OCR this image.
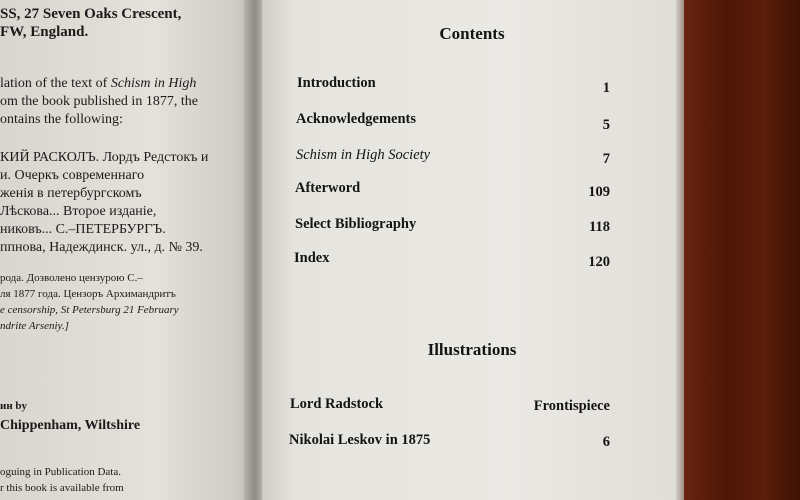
SS, 27 Seven Oaks Crescent,
FW, England.
lation of the text of Schism in High
om the book published in 1877, the
ontains the following:
КИЙ РАСКОЛЪ. Лордъ Редстокъ и
и. Очеркъ современнаго
женія в петербургскомъ
Лѣскова... Второе изданіе,
никовъ... С.–ПЕТЕРБУРГЪ.
ппнова, Надеждинск. ул., д. № 39.
рода. Дозволено цензурою С.–
ля 1877 года. Цензоръ Архимандритъ
e censorship, St Petersburg 21 February
ndrite Arseniy.]
ин by
Chippenham, Wiltshire
oguing in Publication Data.
r this book is available from
Contents
Introduction	1
Acknowledgements	5
Schism in High Society	7
Afterword	109
Select Bibliography	118
Index	120
Illustrations
Lord Radstock	Frontispiece
Nikolai Leskov in 1875	6
